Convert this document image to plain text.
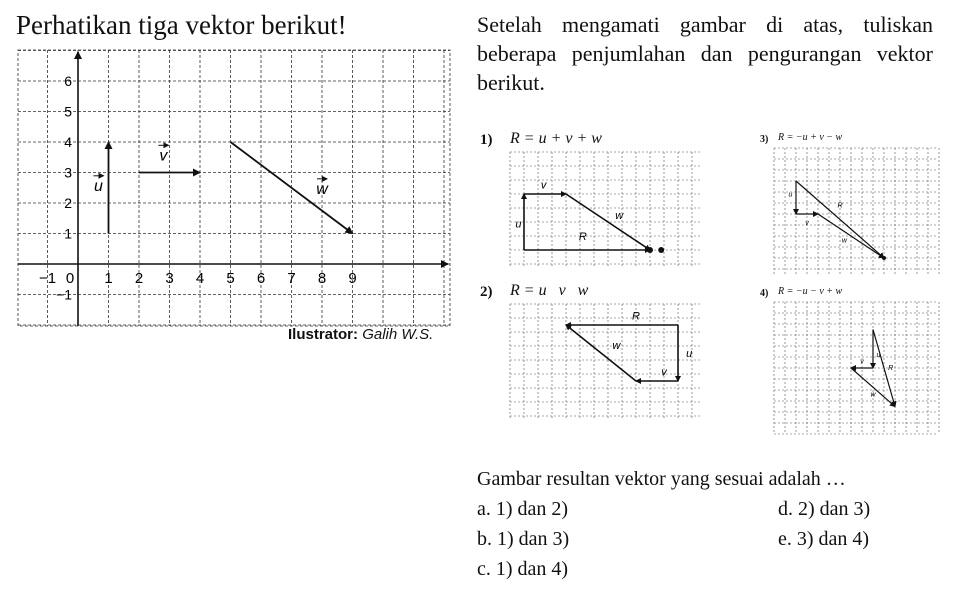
Perhatikan tiga vektor berikut!	Setelah mengamati gambar di atas, tuliskan beberapa penjumlahan dan pengurangan vektor berikut.

6
5
4
3
2
1
−1
−1 0 1 2 3 4 5 6 7 8 9
u
v
w
Ilustrator: Galih W.S.
1) R = u + v + w
u
v
w
R
2) R = u   v   w
R
w
u
v
3) R = −u + v − w
u
R
v
w
4) R = −u − v + w
v
u
R
w
Gambar resultan vektor yang sesuai adalah …
a. 1) dan 2)
b. 1) dan 3)
c. 1) dan 4)
d. 2) dan 3)
e. 3) dan 4)
